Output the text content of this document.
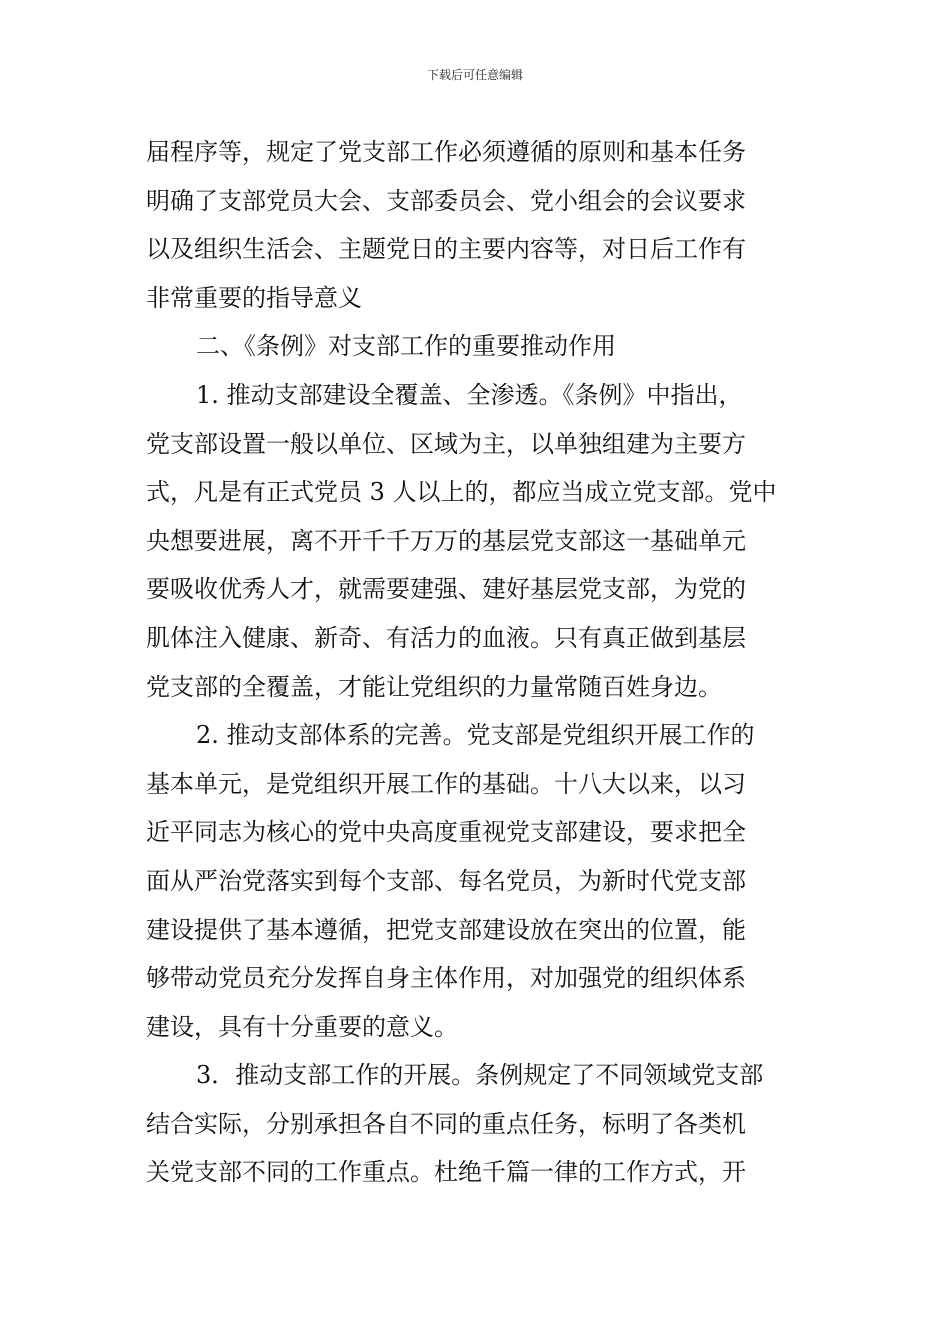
下载后可任意编辑
届程序等，规定了党支部工作必须遵循的原则和基本任务
明确了支部党员大会、支部委员会、党小组会的会议要求
以及组织生活会、主题党日的主要内容等，对日后工作有
非常重要的指导意义
二、《条例》对支部工作的重要推动作用
1. 推动支部建设全覆盖、全渗透。《条例》中指出，
党支部设置一般以单位、区域为主，以单独组建为主要方
式，凡是有正式党员 3 人以上的，都应当成立党支部。党中
央想要进展，离不开千千万万的基层党支部这一基础单元
要吸收优秀人才，就需要建强、建好基层党支部，为党的
肌体注入健康、新奇、有活力的血液。只有真正做到基层
党支部的全覆盖，才能让党组织的力量常随百姓身边。
2. 推动支部体系的完善。党支部是党组织开展工作的
基本单元，是党组织开展工作的基础。十八大以来，以习
近平同志为核心的党中央高度重视党支部建设，要求把全
面从严治党落实到每个支部、每名党员，为新时代党支部
建设提供了基本遵循，把党支部建设放在突出的位置，能
够带动党员充分发挥自身主体作用，对加强党的组织体系
建设，具有十分重要的意义。
3．推动支部工作的开展。条例规定了不同领域党支部
结合实际，分别承担各自不同的重点任务，标明了各类机
关党支部不同的工作重点。杜绝千篇一律的工作方式，开
